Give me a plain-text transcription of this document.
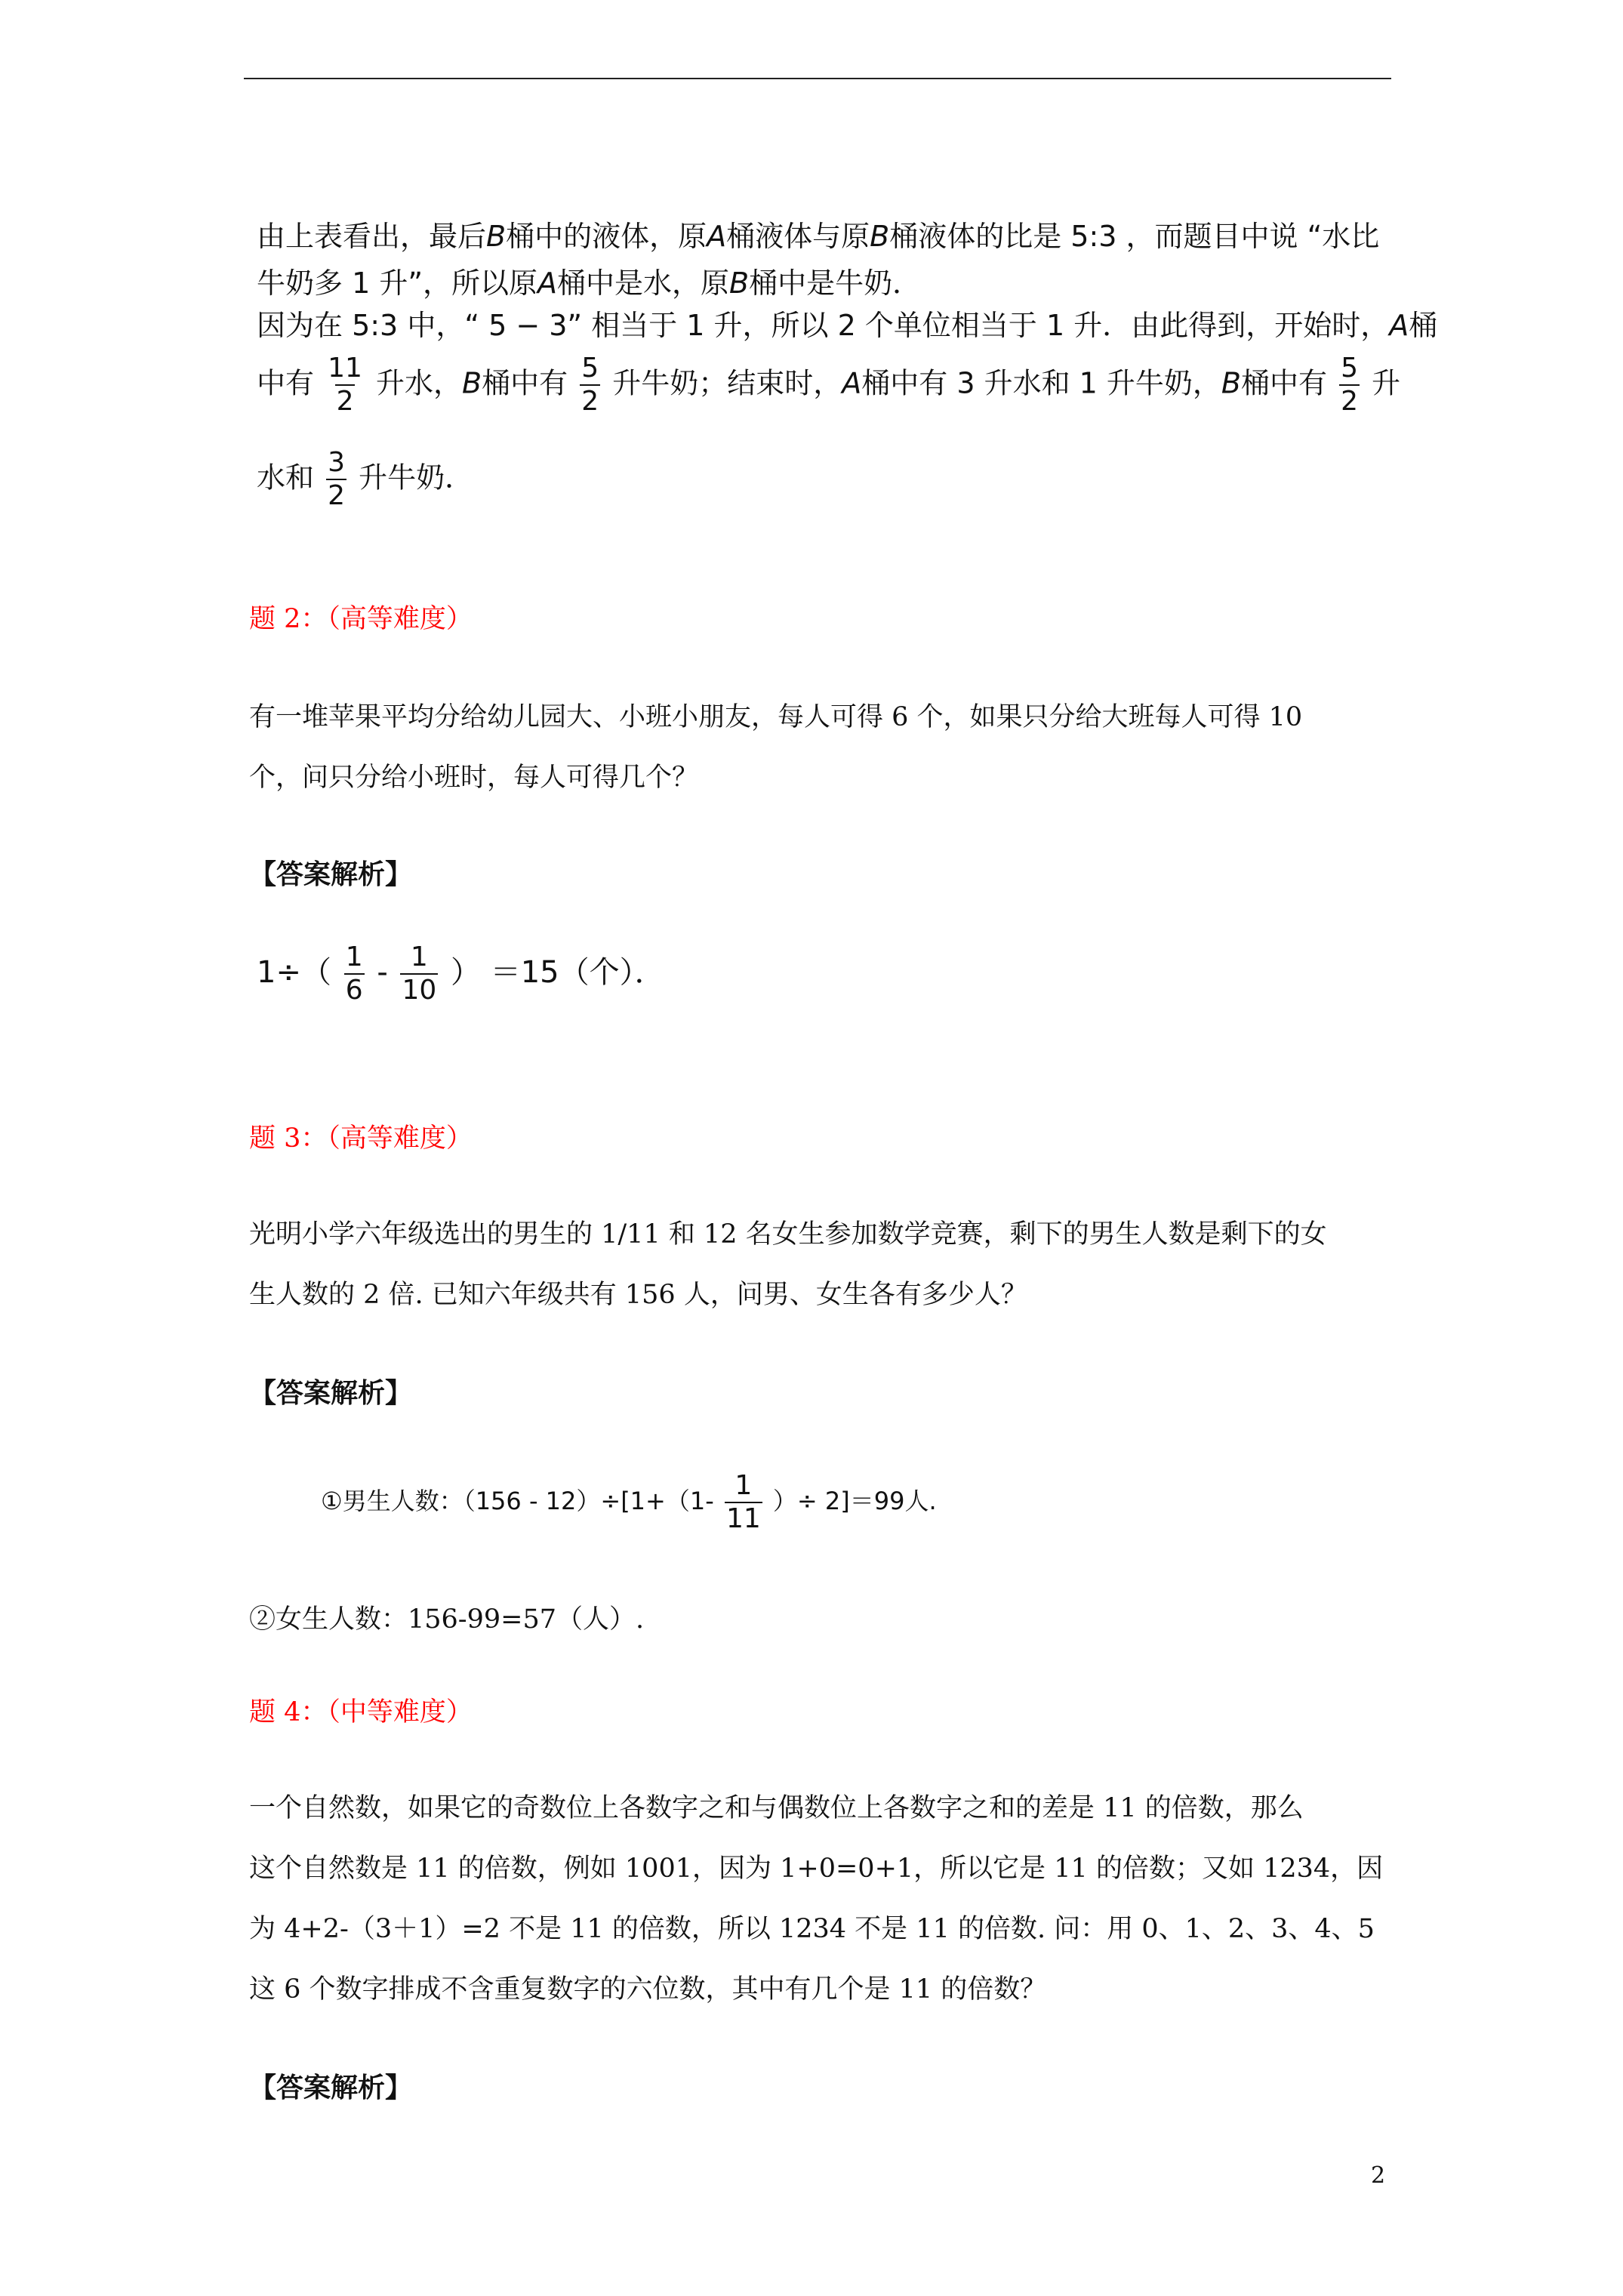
由上表看出，最后B桶中的液体，原A桶液体与原B桶液体的比是 5:3 ，而题目中说 “水比
牛奶多 1 升”，所以原A桶中是水，原B桶中是牛奶．
因为在 5:3 中，“ 5 − 3” 相当于 1 升，所以 2 个单位相当于 1 升．由此得到，开始时，A桶
中有 $\frac{11}{2}$ 升水，B桶中有 $\frac{5}{2}$ 升牛奶；结束时，A桶中有 3 升水和 1 升牛奶，B桶中有 $\frac{5}{2}$ 升
水和 $\frac{3}{2}$ 升牛奶．
题 2：（高等难度）
有一堆苹果平均分给幼儿园大、小班小朋友，每人可得 6 个，如果只分给大班每人可得 10
个，问只分给小班时，每人可得几个？
【答案解析】
$1\div( \frac{1}{6} - \frac{1}{10}$ ） ＝15（个）．
题 3：（高等难度）
光明小学六年级选出的男生的 1/11 和 12 名女生参加数学竞赛，剩下的男生人数是剩下的女
生人数的 2 倍. 已知六年级共有 156 人，问男、女生各有多少人？
【答案解析】
①男生人数：$(156 - 12)\div[1+(1- \frac{1}{11}$ ）÷ 2]＝99人.
②女生人数：156-99=57（人）.
题 4：（中等难度）
一个自然数，如果它的奇数位上各数字之和与偶数位上各数字之和的差是 11 的倍数，那么
这个自然数是 11 的倍数，例如 1001，因为 1+0=0+1，所以它是 11 的倍数；又如 1234，因
为 4+2-（3＋1）=2 不是 11 的倍数，所以 1234 不是 11 的倍数. 问：用 0、1、2、3、4、5
这 6 个数字排成不含重复数字的六位数，其中有几个是 11 的倍数？
【答案解析】
2
